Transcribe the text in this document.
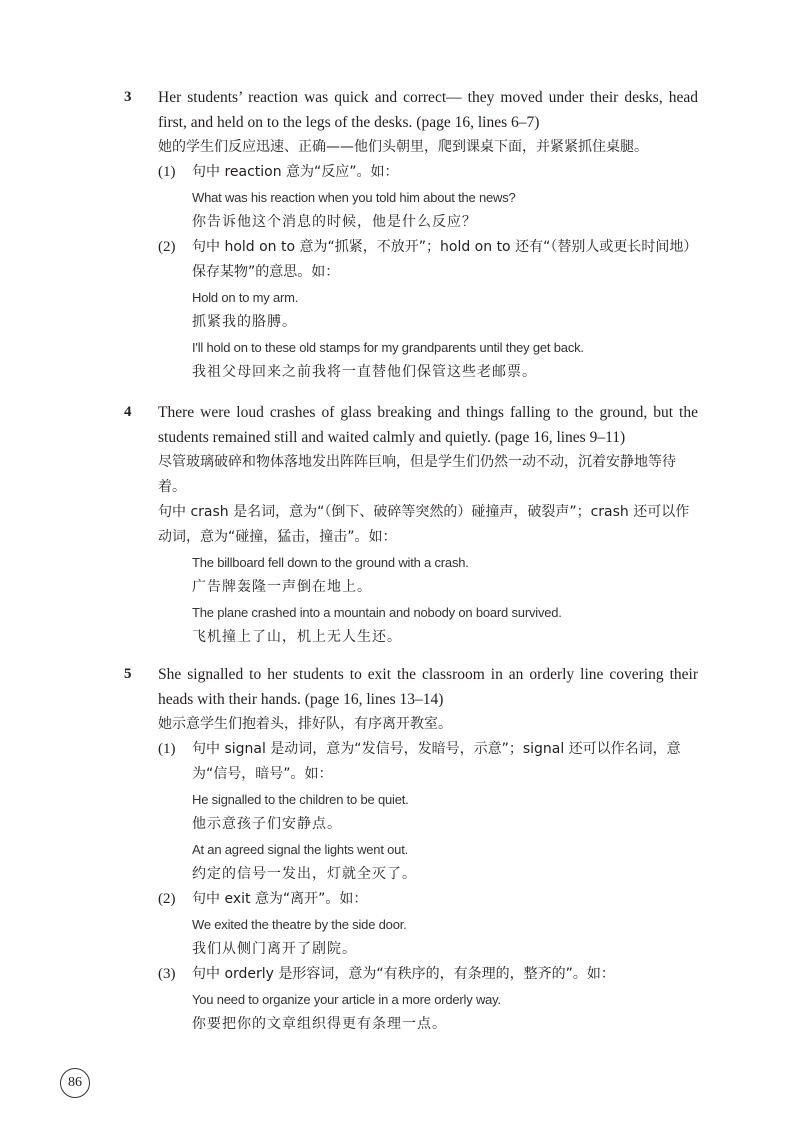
3 Her students’ reaction was quick and correct— they moved under their desks, head first, and held on to the legs of the desks. (page 16, lines 6–7)
她的学生们反应迅速、正确——他们头朝里，爬到课桌下面，并紧紧抓住桌腿。
(1)	句中 reaction 意为“反应”。如：
What was his reaction when you told him about the news?
你告诉他这个消息的时候，他是什么反应？
(2)	句中 hold on to 意为“抓紧，不放开”；hold on to 还有“（替别人或更长时间地）保存某物”的意思。如：
Hold on to my arm.
抓紧我的胳膊。
I'll hold on to these old stamps for my grandparents until they get back.
我祖父母回来之前我将一直替他们保管这些老邮票。
4 There were loud crashes of glass breaking and things falling to the ground, but the students remained still and waited calmly and quietly. (page 16, lines 9–11)
尽管玻璃破碎和物体落地发出阵阵巨响，但是学生们仍然一动不动，沉着安静地等待着。
句中 crash 是名词，意为“（倒下、破碎等突然的）碰撞声，破裂声”；crash 还可以作动词，意为“碰撞，猛击，撞击”。如：
The billboard fell down to the ground with a crash.
广告牌轰隆一声倒在地上。
The plane crashed into a mountain and nobody on board survived.
飞机撞上了山，机上无人生还。
5 She signalled to her students to exit the classroom in an orderly line covering their heads with their hands. (page 16, lines 13–14)
她示意学生们抱着头，排好队，有序离开教室。
(1)	句中 signal 是动词，意为“发信号，发暗号，示意”；signal 还可以作名词，意为“信号，暗号”。如：
He signalled to the children to be quiet.
他示意孩子们安静点。
At an agreed signal the lights went out.
约定的信号一发出，灯就全灭了。
(2)	句中 exit 意为“离开”。如：
We exited the theatre by the side door.
我们从侧门离开了剧院。
(3)	句中 orderly 是形容词，意为“有秩序的，有条理的，整齐的”。如：
You need to organize your article in a more orderly way.
你要把你的文章组织得更有条理一点。
86
